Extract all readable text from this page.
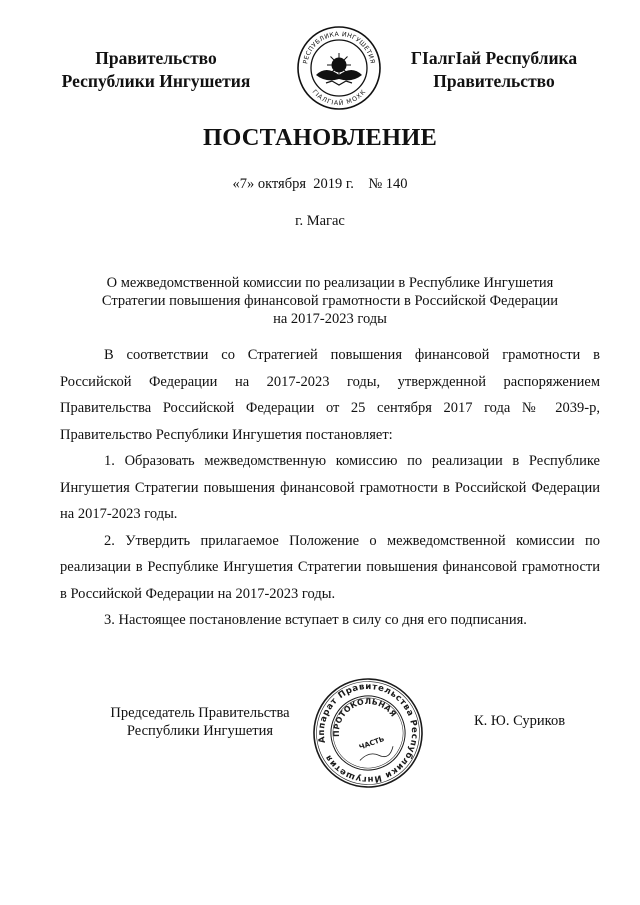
Правительство
Республики Ингушетия
РЕСПУБЛИКА ИНГУШЕТИЯ
ГIАЛГIАЙ МОХК
ГIалгIай Республика
Правительство
ПОСТАНОВЛЕНИЕ
«7» октября  2019 г. № 140
г. Магас
О межведомственной комиссии по реализации в Республике Ингушетия
Стратегии повышения финансовой грамотности в Российской Федерации
на 2017-2023 годы

В соответствии со Стратегией повышения финансовой грамотности в Российской Федерации на 2017-2023 годы, утвержденной распоряжением Правительства Российской Федерации от 25 сентября 2017 года № 2039-р, Правительство Республики Ингушетия постановляет:

1. Образовать межведомственную комиссию по реализации в Республике Ингушетия Стратегии повышения финансовой грамотности в Российской Федерации на 2017-2023 годы.

2. Утвердить прилагаемое Положение о межведомственной комиссии по реализации в Республике Ингушетия Стратегии повышения финансовой грамотности в Российской Федерации на 2017-2023 годы.

3. Настоящее постановление вступает в силу со дня его подписания.

Председатель Правительства
Республики Ингушетия
Аппарат Правительства Республики Ингушетия
ПРОТОКОЛЬНАЯ
ЧАСТЬ
К. Ю. Суриков
